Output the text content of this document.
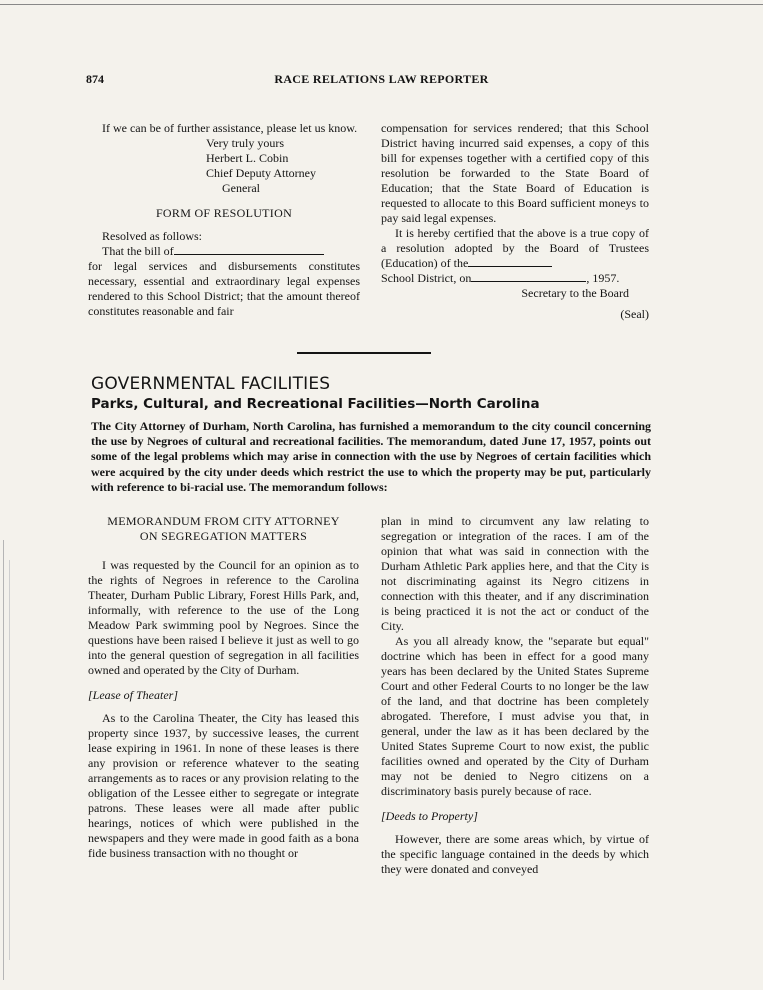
874	RACE RELATIONS LAW REPORTER

If we can be of further assistance, please let us know.

Very truly yours
Herbert L. Cobin
Chief Deputy Attorney
General

FORM OF RESOLUTION

Resolved as follows:

That the bill of

for legal services and disbursements constitutes necessary, essential and extraordinary legal expenses rendered to this School District; that the amount thereof constitutes reasonable and fair

compensation for services rendered; that this School District having incurred said expenses, a copy of this bill for expenses together with a certified copy of this resolution be forwarded to the State Board of Education; that the State Board of Education is requested to allocate to this Board sufficient moneys to pay said legal expenses.

It is hereby certified that the above is a true copy of a resolution adopted by the Board of Trustees (Education) of the
School District, on	, 1957.

Secretary to the Board

(Seal)

GOVERNMENTAL FACILITIES
Parks, Cultural, and Recreational Facilities—North Carolina
The City Attorney of Durham, North Carolina, has furnished a memorandum to the city council concerning the use by Negroes of cultural and recreational facilities. The memorandum, dated June 17, 1957, points out some of the legal problems which may arise in connection with the use by Negroes of certain facilities which were acquired by the city under deeds which restrict the use to which the property may be put, particularly with reference to bi-racial use. The memorandum follows:

MEMORANDUM FROM CITY ATTORNEY
ON SEGREGATION MATTERS

I was requested by the Council for an opinion as to the rights of Negroes in reference to the Carolina Theater, Durham Public Library, Forest Hills Park, and, informally, with reference to the use of the Long Meadow Park swimming pool by Negroes. Since the questions have been raised I believe it just as well to go into the general question of segregation in all facilities owned and operated by the City of Durham.

[Lease of Theater]

As to the Carolina Theater, the City has leased this property since 1937, by successive leases, the current lease expiring in 1961. In none of these leases is there any provision or reference whatever to the seating arrangements as to races or any provision relating to the obligation of the Lessee either to segregate or integrate patrons. These leases were all made after public hearings, notices of which were published in the newspapers and they were made in good faith as a bona fide business transaction with no thought or

plan in mind to circumvent any law relating to segregation or integration of the races. I am of the opinion that what was said in connection with the Durham Athletic Park applies here, and that the City is not discriminating against its Negro citizens in connection with this theater, and if any discrimination is being practiced it is not the act or conduct of the City.

As you all already know, the "separate but equal" doctrine which has been in effect for a good many years has been declared by the United States Supreme Court and other Federal Courts to no longer be the law of the land, and that doctrine has been completely abrogated. Therefore, I must advise you that, in general, under the law as it has been declared by the United States Supreme Court to now exist, the public facilities owned and operated by the City of Durham may not be denied to Negro citizens on a discriminatory basis purely because of race.

[Deeds to Property]

However, there are some areas which, by virtue of the specific language contained in the deeds by which they were donated and conveyed
